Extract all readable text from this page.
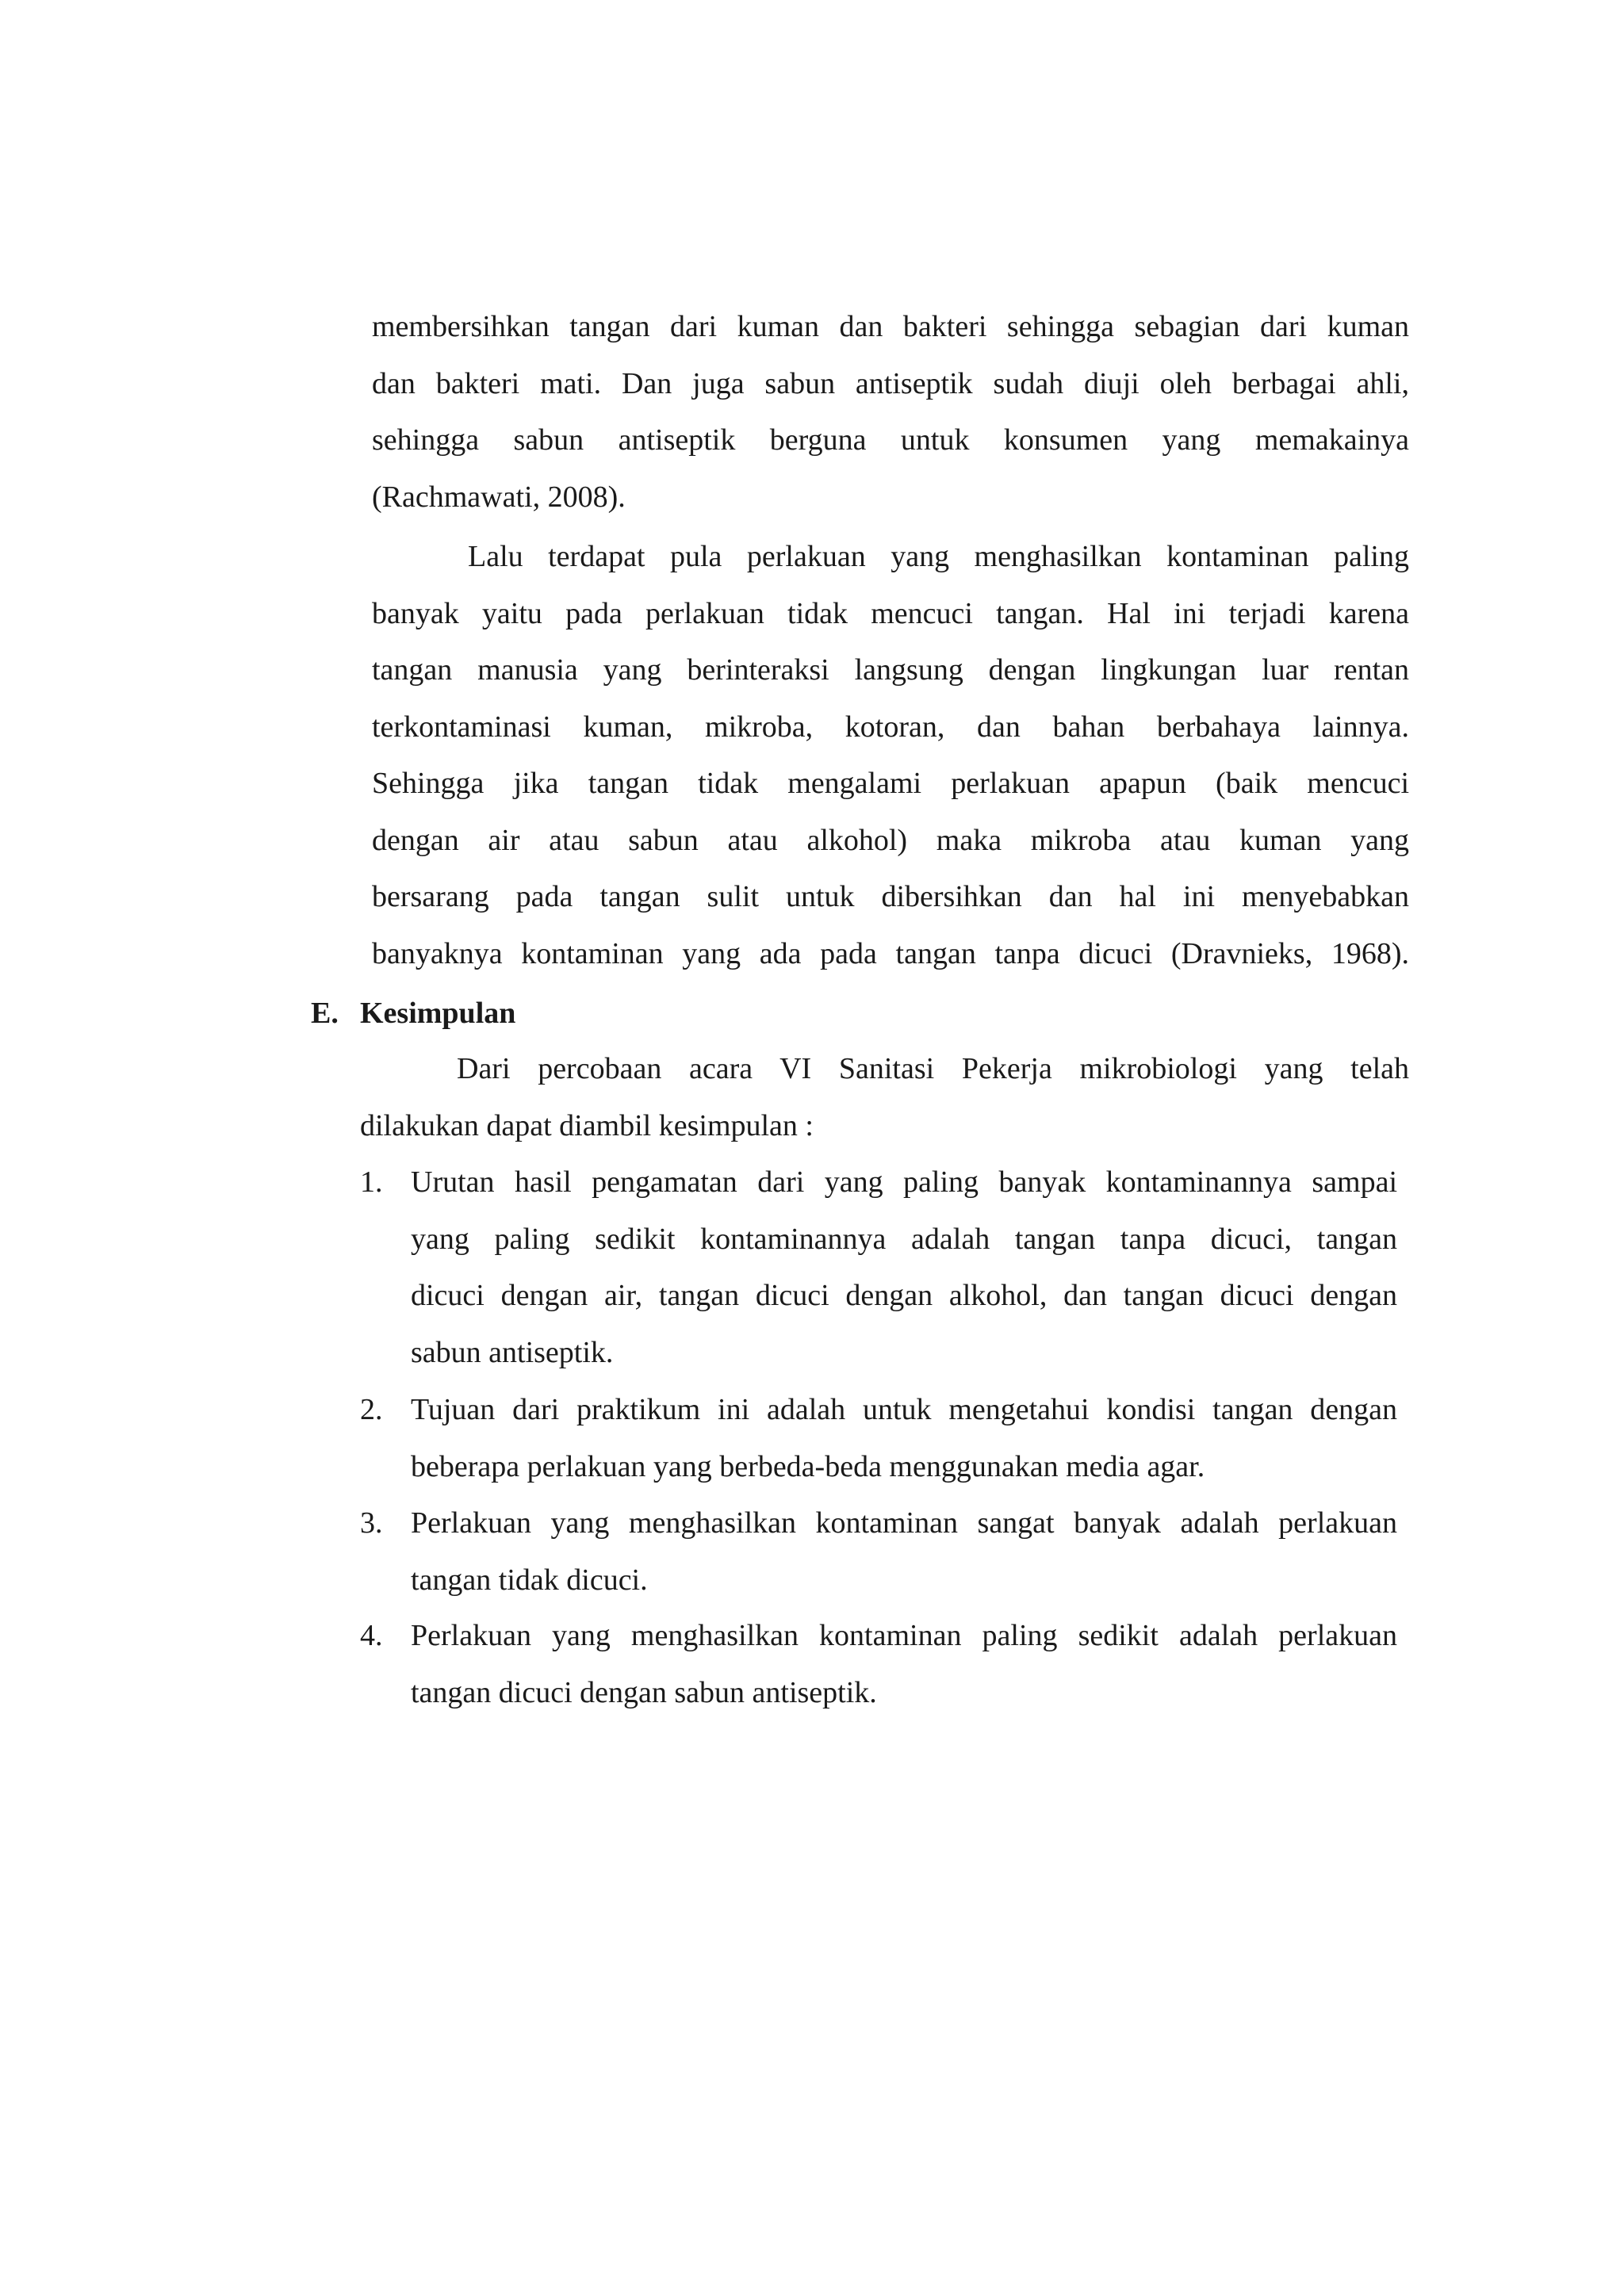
membersihkan tangan dari kuman dan bakteri sehingga sebagian dari kuman
dan bakteri mati. Dan juga sabun antiseptik sudah diuji oleh berbagai ahli,
sehingga sabun antiseptik berguna untuk konsumen yang memakainya
(Rachmawati, 2008).
Lalu terdapat pula perlakuan yang menghasilkan kontaminan paling
banyak yaitu pada perlakuan tidak mencuci tangan. Hal ini terjadi karena
tangan manusia yang berinteraksi langsung dengan lingkungan luar rentan
terkontaminasi kuman, mikroba, kotoran, dan bahan berbahaya lainnya.
Sehingga jika tangan tidak mengalami perlakuan apapun (baik mencuci
dengan air atau sabun atau alkohol) maka mikroba atau kuman yang
bersarang pada tangan sulit untuk dibersihkan dan hal ini menyebabkan
banyaknya kontaminan yang ada pada tangan tanpa dicuci (Dravnieks, 1968).
E. Kesimpulan
Dari percobaan acara VI Sanitasi Pekerja mikrobiologi yang telah
dilakukan dapat diambil kesimpulan :
1. Urutan hasil pengamatan dari yang paling banyak kontaminannya sampai
yang paling sedikit kontaminannya adalah tangan tanpa dicuci, tangan
dicuci dengan air, tangan dicuci dengan alkohol, dan tangan dicuci dengan
sabun antiseptik.
2. Tujuan dari praktikum ini adalah untuk mengetahui kondisi tangan dengan
beberapa perlakuan yang berbeda-beda menggunakan media agar.
3. Perlakuan yang menghasilkan kontaminan sangat banyak adalah perlakuan
tangan tidak dicuci.
4. Perlakuan yang menghasilkan kontaminan paling sedikit adalah perlakuan
tangan dicuci dengan sabun antiseptik.
